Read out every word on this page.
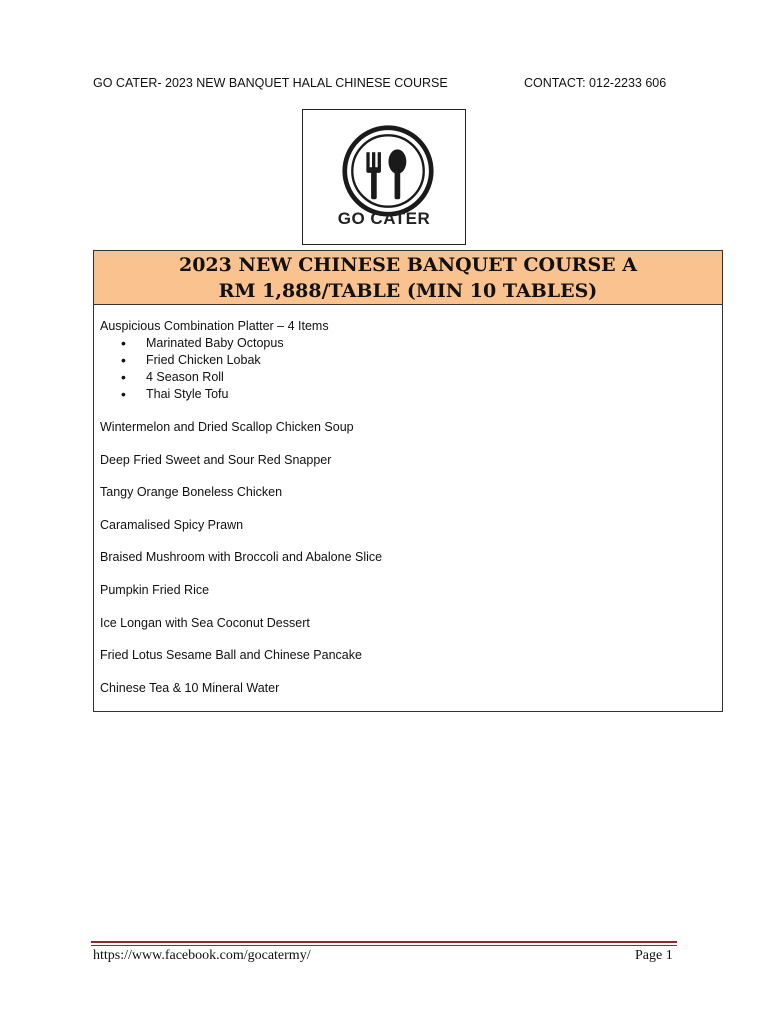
GO CATER- 2023 NEW BANQUET HALAL CHINESE COURSE	CONTACT: 012-2233 606
GO CATER
2023 NEW CHINESE BANQUET COURSE A
RM 1,888/TABLE (MIN 10 TABLES)
Auspicious Combination Platter – 4 Items
• Marinated Baby Octopus
• Fried Chicken Lobak
• 4 Season Roll
• Thai Style Tofu
Wintermelon and Dried Scallop Chicken Soup
Deep Fried Sweet and Sour Red Snapper
Tangy Orange Boneless Chicken
Caramalised Spicy Prawn
Braised Mushroom with Broccoli and Abalone Slice
Pumpkin Fried Rice
Ice Longan with Sea Coconut Dessert
Fried Lotus Sesame Ball and Chinese Pancake
Chinese Tea & 10 Mineral Water
https://www.facebook.com/gocatermy/	Page 1
